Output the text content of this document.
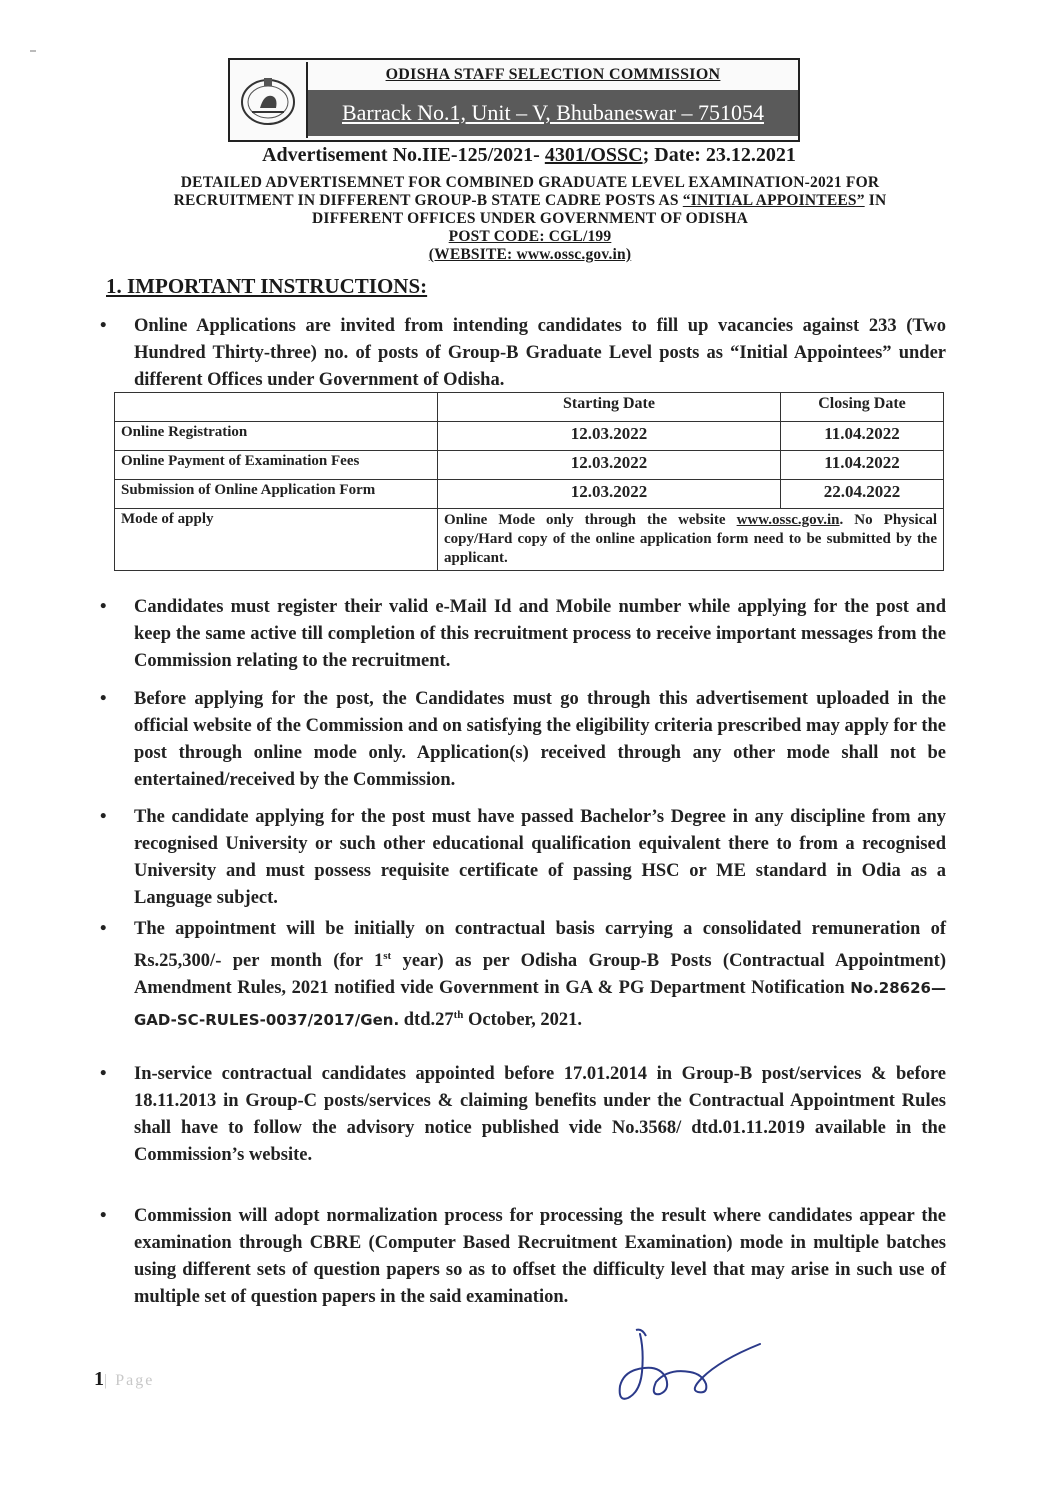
ODISHA STAFF SELECTION COMMISSION
Barrack No.1, Unit – V, Bhubaneswar – 751054
Advertisement No.IIE-125/2021- 4301/OSSC; Date: 23.12.2021
DETAILED ADVERTISEMNET FOR COMBINED GRADUATE LEVEL EXAMINATION-2021 FOR
RECRUITMENT IN DIFFERENT GROUP-B STATE CADRE POSTS AS “INITIAL APPOINTEES” IN
DIFFERENT OFFICES UNDER GOVERNMENT OF ODISHA
POST CODE: CGL/199
(WEBSITE: www.ossc.gov.in)
1. IMPORTANT INSTRUCTIONS:
• Online Applications are invited from intending candidates to fill up vacancies against 233 (Two Hundred Thirty-three) no. of posts of Group-B Graduate Level posts as “Initial Appointees” under different Offices under Government of Odisha.
	Starting Date	Closing Date
Online Registration	12.03.2022	11.04.2022
Online Payment of Examination Fees	12.03.2022	11.04.2022
Submission of Online Application Form	12.03.2022	22.04.2022
Mode of apply	Online Mode only through the website www.ossc.gov.in. No Physical copy/Hard copy of the online application form need to be submitted by the applicant.	
• Candidates must register their valid e-Mail Id and Mobile number while applying for the post and keep the same active till completion of this recruitment process to receive important messages from the Commission relating to the recruitment.
• Before applying for the post, the Candidates must go through this advertisement uploaded in the official website of the Commission and on satisfying the eligibility criteria prescribed may apply for the post through online mode only. Application(s) received through any other mode shall not be entertained/received by the Commission.
• The candidate applying for the post must have passed Bachelor’s Degree in any discipline from any recognised University or such other educational qualification equivalent there to from a recognised University and must possess requisite certificate of passing HSC or ME standard in Odia as a Language subject.
• The appointment will be initially on contractual basis carrying a consolidated remuneration of Rs.25,300/- per month (for 1st year) as per Odisha Group-B Posts (Contractual Appointment) Amendment Rules, 2021 notified vide Government in GA & PG Department Notification No.28626—GAD-SC-RULES-0037/2017/Gen. dtd.27th October, 2021.
• In-service contractual candidates appointed before 17.01.2014 in Group-B post/services & before 18.11.2013 in Group-C posts/services & claiming benefits under the Contractual Appointment Rules shall have to follow the advisory notice published vide No.3568/ dtd.01.11.2019 available in the Commission’s website.
• Commission will adopt normalization process for processing the result where candidates appear the examination through CBRE (Computer Based Recruitment Examination) mode in multiple batches using different sets of question papers so as to offset the difficulty level that may arise in such use of multiple set of question papers in the said examination.
1| Page
